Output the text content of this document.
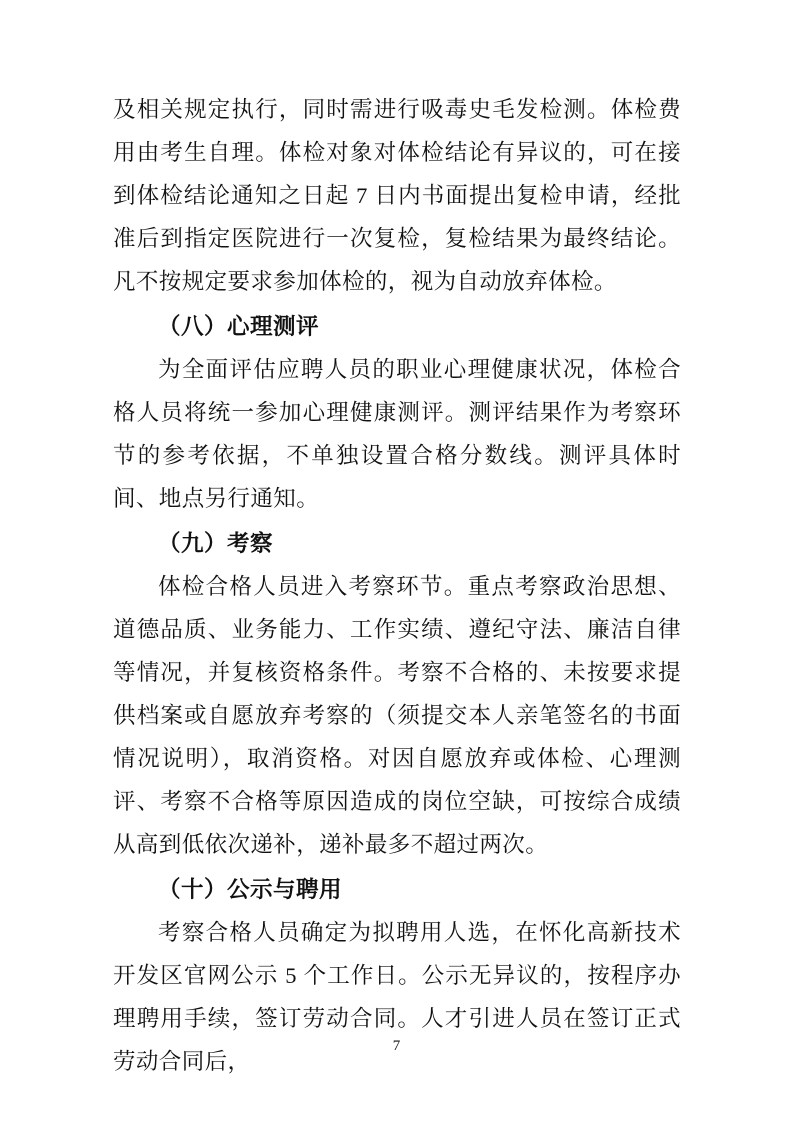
及相关规定执行，同时需进行吸毒史毛发检测。体检费用由考生自理。体检对象对体检结论有异议的，可在接到体检结论通知之日起 7 日内书面提出复检申请，经批准后到指定医院进行一次复检，复检结果为最终结论。凡不按规定要求参加体检的，视为自动放弃体检。

（八）心理测评

为全面评估应聘人员的职业心理健康状况，体检合格人员将统一参加心理健康测评。测评结果作为考察环节的参考依据，不单独设置合格分数线。测评具体时间、地点另行通知。

（九）考察

体检合格人员进入考察环节。重点考察政治思想、道德品质、业务能力、工作实绩、遵纪守法、廉洁自律等情况，并复核资格条件。考察不合格的、未按要求提供档案或自愿放弃考察的（须提交本人亲笔签名的书面情况说明），取消资格。对因自愿放弃或体检、心理测评、考察不合格等原因造成的岗位空缺，可按综合成绩从高到低依次递补，递补最多不超过两次。

（十）公示与聘用

考察合格人员确定为拟聘用人选，在怀化高新技术开发区官网公示 5 个工作日。公示无异议的，按程序办理聘用手续，签订劳动合同。人才引进人员在签订正式劳动合同后，

7
